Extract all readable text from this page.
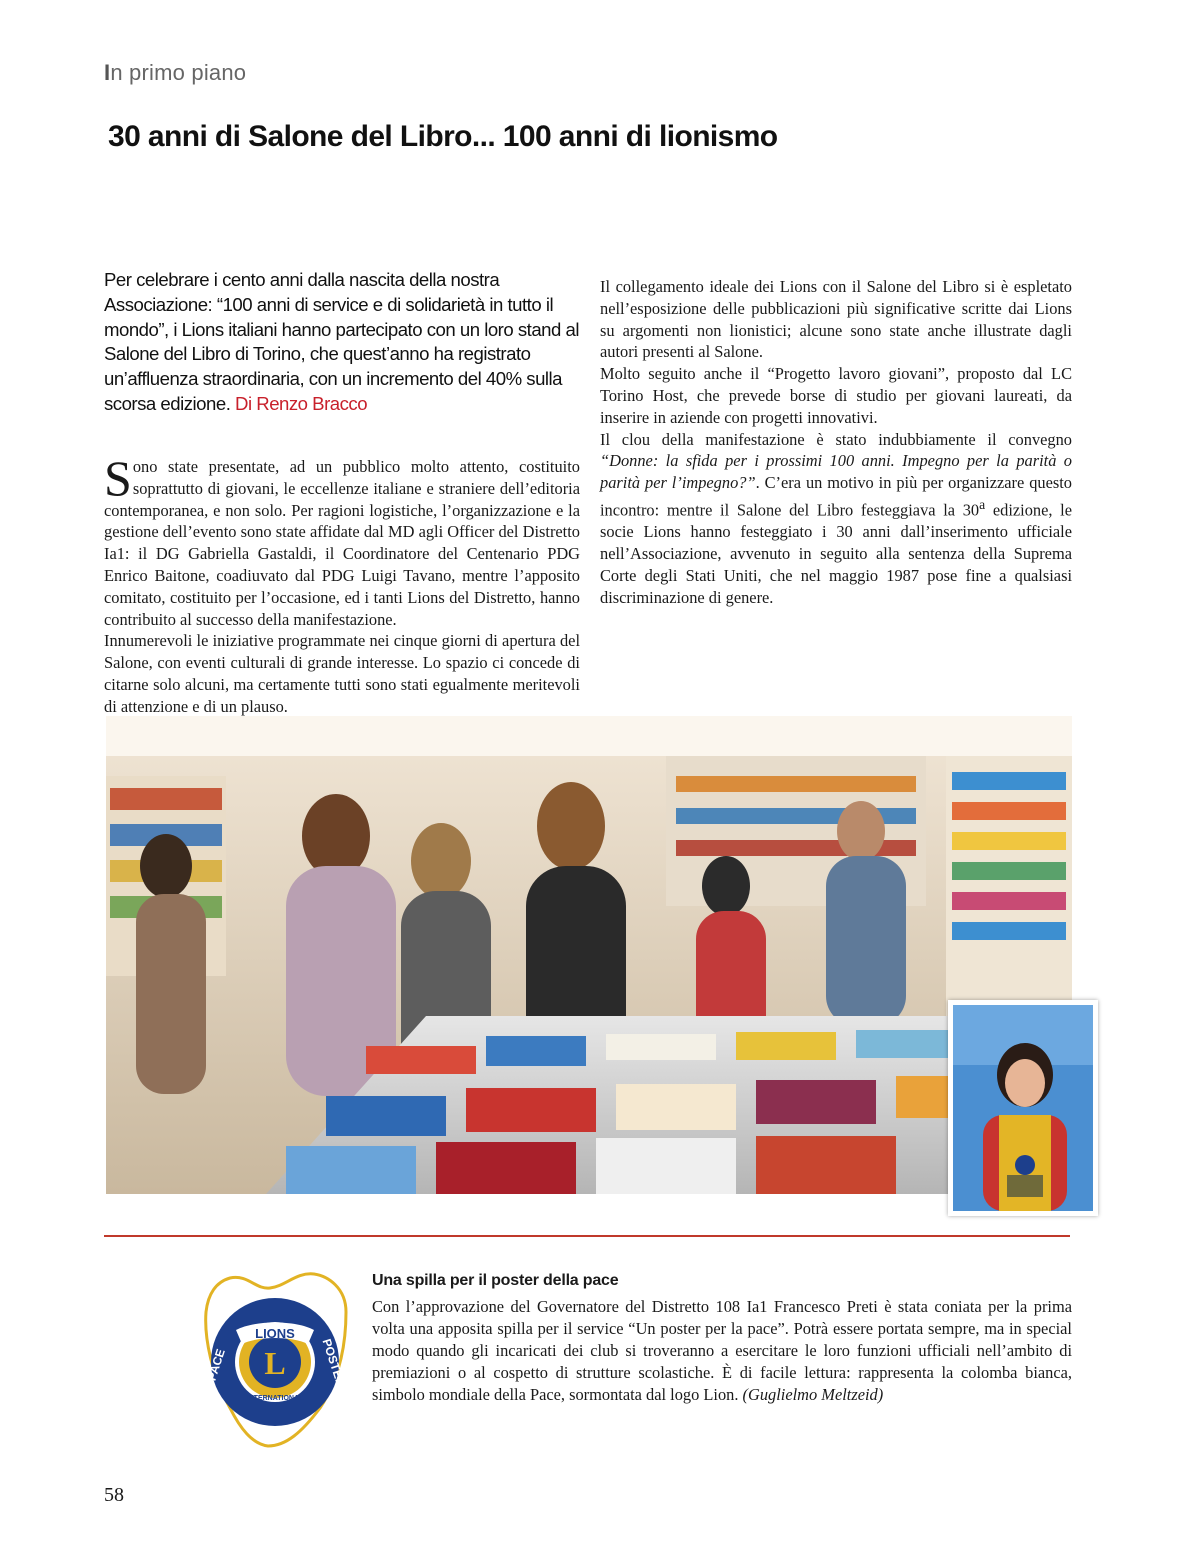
In primo piano
30 anni di Salone del Libro... 100 anni di lionismo
Per celebrare i cento anni dalla nascita della nostra Associazione: “100 anni di service e di solidarietà in tutto il mondo”, i Lions italiani hanno partecipato con un loro stand al Salone del Libro di Torino, che quest’anno ha registrato un’affluenza straordinaria, con un incremento del 40% sulla scorsa edizione. Di Renzo Bracco

Sono state presentate, ad un pubblico molto attento, costituito soprattutto di giovani, le eccellenze italiane e straniere dell’editoria contemporanea, e non solo. Per ragioni logistiche, l’organizzazione e la gestione dell’evento sono state affidate dal MD agli Officer del Distretto Ia1: il DG Gabriella Gastaldi, il Coordinatore del Centenario PDG Enrico Baitone, coadiuvato dal PDG Luigi Tavano, mentre l’apposito comitato, costituito per l’occasione, ed i tanti Lions del Distretto, hanno contribuito al successo della manifestazione.

Innumerevoli le iniziative programmate nei cinque giorni di apertura del Salone, con eventi culturali di grande interesse. Lo spazio ci concede di citarne solo alcuni, ma certamente tutti sono stati egualmente meritevoli di attenzione e di un plauso.

Il collegamento ideale dei Lions con il Salone del Libro si è espletato nell’esposizione delle pubblicazioni più significative scritte dai Lions su argomenti non lionistici; alcune sono state anche illustrate dagli autori presenti al Salone.

Molto seguito anche il “Progetto lavoro giovani”, proposto dal LC Torino Host, che prevede borse di studio per giovani laureati, da inserire in aziende con progetti innovativi.

Il clou della manifestazione è stato indubbiamente il convegno “Donne: la sfida per i prossimi 100 anni. Impegno per la parità o parità per l’impegno?”. C’era un motivo in più per organizzare questo incontro: mentre il Salone del Libro festeggiava la 30$^a$ edizione, le socie Lions hanno festeggiato i 30 anni dall’inserimento ufficiale nell’Associazione, avvenuto in seguito alla sentenza della Suprema Corte degli Stati Uniti, che nel maggio 1987 pose fine a qualsiasi discriminazione di genere.

L
LIONS
INTERNATIONAL
PACE	POSTER
Una spilla per il poster della pace

Con l’approvazione del Governatore del Distretto 108 Ia1 Francesco Preti è stata coniata per la prima volta una apposita spilla per il service “Un poster per la pace”. Potrà essere portata sempre, ma in special modo quando gli incaricati dei club si troveranno a esercitare le loro funzioni ufficiali nell’ambito di premiazioni o al cospetto di strutture scolastiche. È di facile lettura: rappresenta la colomba bianca, simbolo mondiale della Pace, sormontata dal logo Lion. (Guglielmo Meltzeid)

58
